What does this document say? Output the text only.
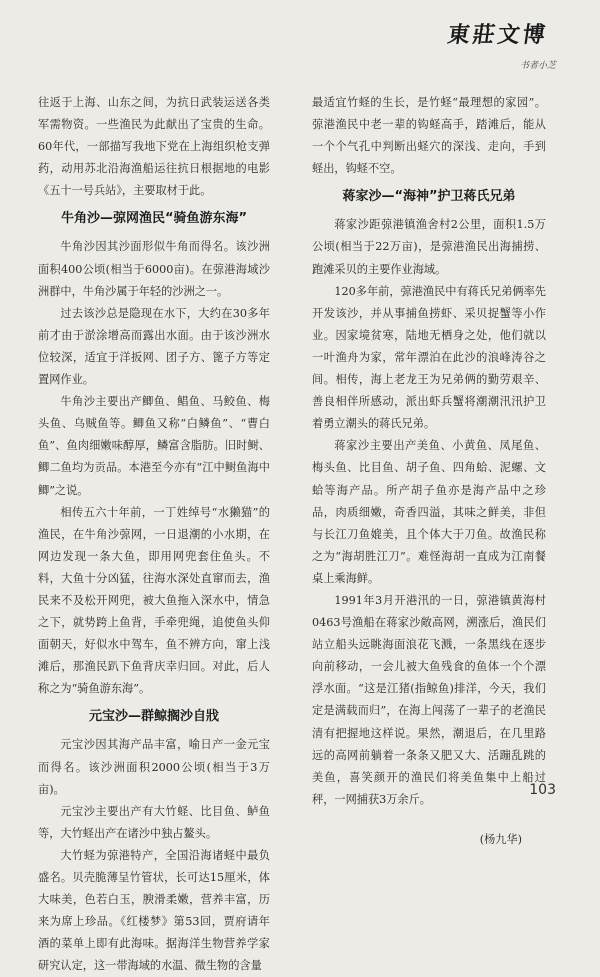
東莊文博
书者小芝

往返于上海、山东之间，为抗日武装运送各类军需物资。一些渔民为此献出了宝贵的生命。60年代，一部描写我地下党在上海组织枪支弹药，动用苏北沿海渔船运往抗日根据地的电影《五十一号兵站》，主要取材于此。

牛角沙—弶网渔民“骑鱼游东海”

牛角沙因其沙面形似牛角而得名。该沙洲面积400公顷(相当于6000亩)。在弶港海域沙洲群中，牛角沙属于年轻的沙洲之一。

过去该沙总是隐现在水下，大约在30多年前才由于淤涂增高而露出水面。由于该沙洲水位较深，适宜于洋扳网、团子方、篦子方等定置网作业。

牛角沙主要出产鲫鱼、鲳鱼、马鲛鱼、梅头鱼、乌贼鱼等。鲫鱼又称“白鳞鱼”、“曹白鱼”、鱼肉细嫩味醇厚，鳞富含脂肪。旧时鲥、鲫二鱼均为贡品。本港至今亦有“江中鲥鱼海中鲫”之说。

相传五六十年前，一丁姓绰号“水獭猫”的渔民，在牛角沙弶网，一日退潮的小水期，在网边发现一条大鱼，即用网兜套住鱼头。不料，大鱼十分凶猛，往海水深处直窜而去，渔民来不及松开网兜，被大鱼拖入深水中，情急之下，就势跨上鱼背，手牵兜绳，追使鱼头仰面朝天，好似水中驾车，鱼不辨方向，窜上浅滩后，那渔民趴下鱼背庆幸归回。对此，后人称之为“骑鱼游东海”。

元宝沙—群鲸搁沙自戕

元宝沙因其海产品丰富，喻日产一金元宝而得名。该沙洲面积2000公顷(相当于3万亩)。

元宝沙主要出产有大竹蛏、比目鱼、鲈鱼等，大竹蛏出产在诸沙中独占鳌头。

大竹蛏为弶港特产，全国沿海诸蛏中最负盛名。贝壳脆薄呈竹管状，长可达15厘米，体大味美，色若白玉，腴滑柔嫩，营养丰富，历来为席上珍品。《红楼梦》第53回，贾府请年酒的菜单上即有此海味。据海洋生物营养学家研究认定，这一带海域的水温、微生物的含量

最适宜竹蛏的生长，是竹蛏“最理想的家园”。弶港渔民中老一辈的钩蛏高手，踏滩后，能从一个个气孔中判断出蛏穴的深浅、走向，手到蛏出，钩蛏不空。

蒋家沙—“海神”护卫蒋氏兄弟

蒋家沙距弶港镇渔舍村2公里，面积1.5万公顷(相当于22万亩)，是弶港渔民出海捕捞、跑滩采贝的主要作业海域。

120多年前，弶港渔民中有蒋氏兄弟俩率先开发该沙，并从事捕鱼捞虾、采贝捉蟹等小作业。因家境贫寒，陆地无栖身之处，他们就以一叶渔舟为家，常年漂泊在此沙的浪峰涛谷之间。相传，海上老龙王为兄弟俩的勤劳艰辛、善良相伴所感动，派出虾兵蟹将潮潮汛汛护卫着勇立潮头的蒋氏兄弟。

蒋家沙主要出产美鱼、小黄鱼、凤尾鱼、梅头鱼、比目鱼、胡子鱼、四角蛤、泥螺、文蛤等海产品。所产胡子鱼亦是海产品中之珍品，肉质细嫩，奇香四溢，其味之鲜美，非但与长江刀鱼媲美，且个体大于刀鱼。故渔民称之为“海胡胜江刀”。难怪海胡一直成为江南餐桌上乘海鲜。

1991年3月开港汛的一日，弶港镇黄海村0463号渔船在蒋家沙敞高网，溯涨后，渔民们站立船头远眺海面浪花飞溅，一条黑线在逐步向前移动，一会儿被大鱼残食的鱼体一个个漂浮水面。“这是江猪(指鲸鱼)排洋，今天，我们定是满载而归”，在海上闯荡了一辈子的老渔民清有把握地这样说。果然，潮退后，在几里路远的高网前躺着一条条又肥又大、活蹦乱跳的美鱼，喜笑颜开的渔民们将美鱼集中上船过秤，一网捕获3万余斤。

(杨九华)

103
